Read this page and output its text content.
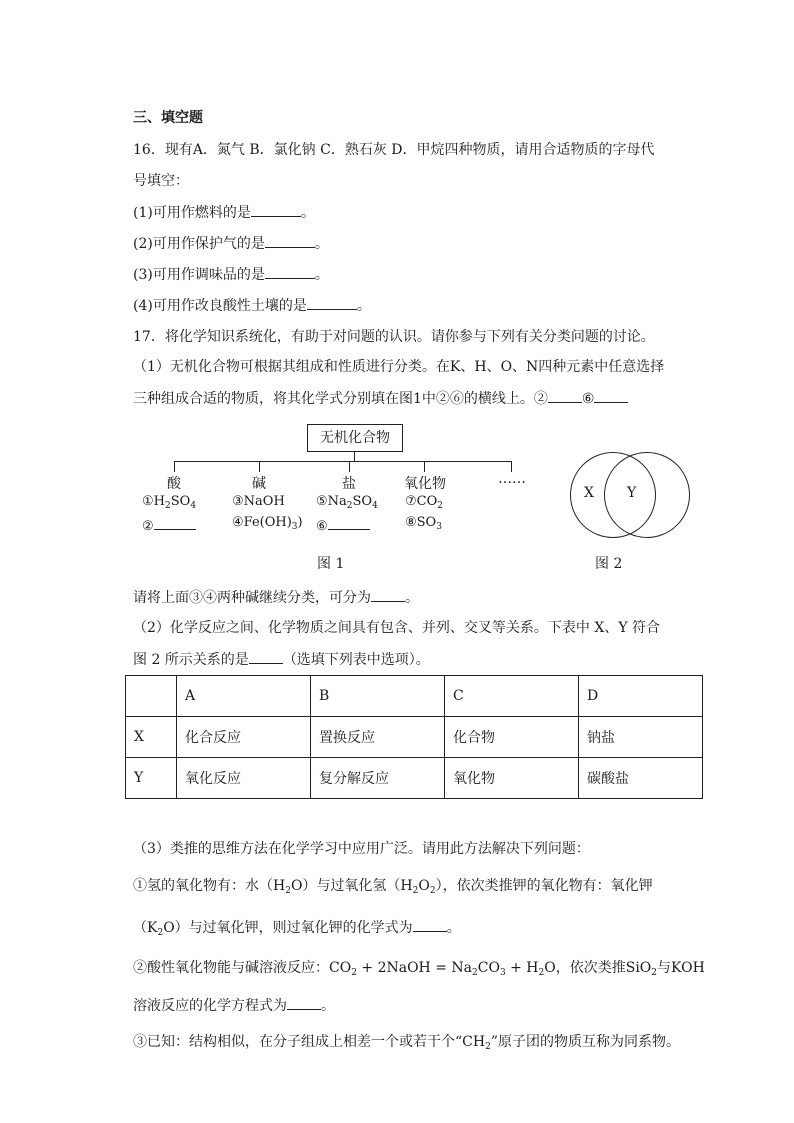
三、填空题
16．现有A．氮气 B．氯化钠 C．熟石灰 D．甲烷四种物质，请用合适物质的字母代
号填空：
(1)可用作燃料的是	。
(2)可用作保护气的是	。
(3)可用作调味品的是	。
(4)可用作改良酸性土壤的是	。
17．将化学知识系统化，有助于对问题的认识。请你参与下列有关分类问题的讨论。
（1）无机化合物可根据其组成和性质进行分类。在K、H、O、N四种元素中任意选择
三种组成合适的物质，将其化学式分别填在图1中②⑥的横线上。② ⑥
无机化合物
酸	碱	盐	氧化物	……
$①H_2SO_4$
②
③NaOH
$④Fe(OH)_3$)
$⑤Na_2SO_4$
⑥
$⑦CO_2$
$⑧SO_3$
图 1
X Y
图 2
请将上面③④两种碱继续分类，可分为 。
（2）化学反应之间、化学物质之间具有包含、并列、交叉等关系。下表中 X、Y 符合
图 2 所示关系的是 （选填下列表中选项）。
	A	B	C	D
X	化合反应	置换反应	化合物	钠盐
Y	氧化反应	复分解反应	氧化物	碳酸盐
（3）类推的思维方法在化学学习中应用广泛。请用此方法解决下列问题：
①氢的氧化物有：水$(H_2O)$与过氧化氢$(H_2O_2)$，依次类推钾的氧化物有：氧化钾
$(K_2O)$与过氧化钾，则过氧化钾的化学式为 。
②酸性氧化物能与碱溶液反应：$CO_2$ + 2NaOH = $Na_2CO_3 + H_2O$，依次类推SiO$_2$与KOH
溶液反应的化学方程式为 。
③已知：结构相似，在分子组成上相差一个或若干个“$CH_2$”原子团的物质互称为同系物。
